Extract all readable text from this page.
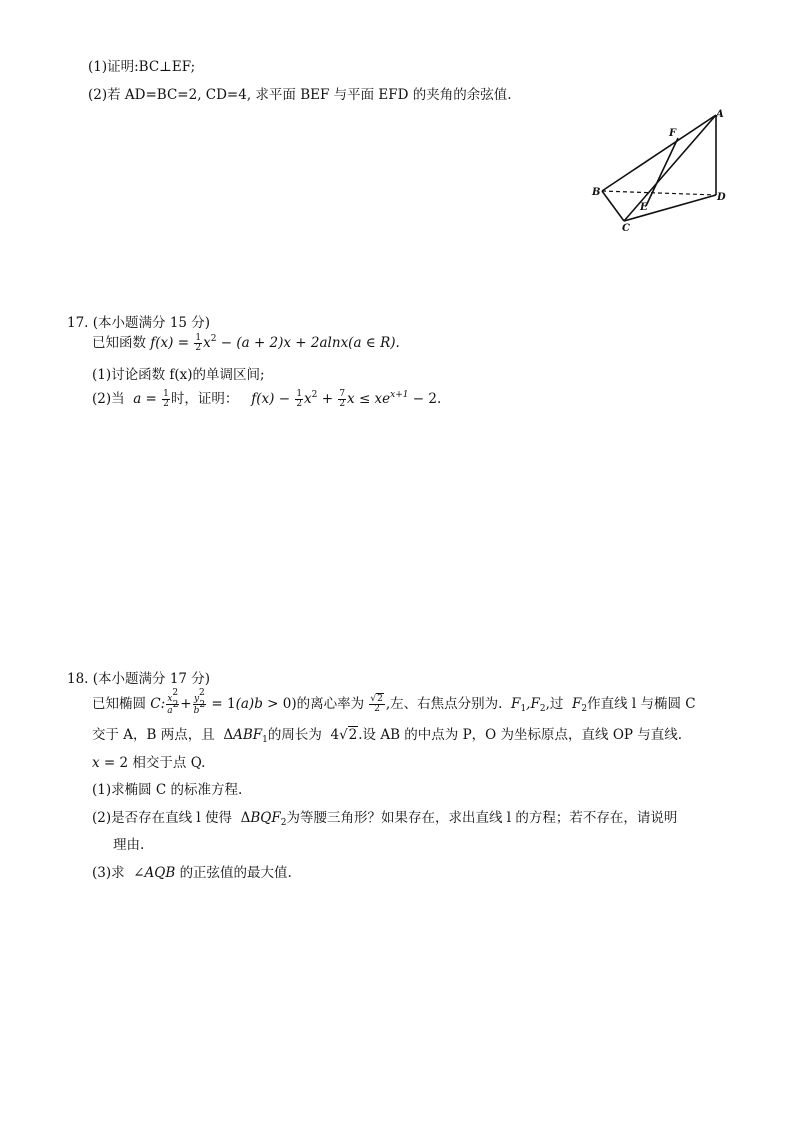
(1)证明:BC⊥EF;
(2)若 AD=BC=2, CD=4, 求平面 BEF 与平面 EFD 的夹角的余弦值.
A
F
B	D
E
C
17. (本小题满分 15 分)
已知函数 $f(x) = \frac{1}{2} x^2 - (a + 2)x + 2alnx(a$ ∈ R).
(1)讨论函数 f(x)的单调区间;
(2)当  $a = \frac{1}{2}$ 时，证明：   $f(x) - \frac{1}{2} x^2 + \frac{7}{2}$ $x \le xe^{x+1} - 2$.
18. (本小题满分 17 分)
已知椭圆 C: $\frac{x^2}{a^2} + \frac{y^2}{b^2} = 1(a)b > 0$)的离心率为 $\frac{√2}{2}$ ,左、右焦点分别为.  $F_1,F_2$,过  $F_2$作直线 l 与椭圆 C
交于 A，B 两点，且 $\Delta ABF_1$的周长为  4√2.设 AB 的中点为 P，O 为坐标原点，直线 OP 与直线.
x = 2 相交于点 Q.
(1)求椭圆 C 的标准方程.
(2)是否存在直线 l 使得 $\Delta BQF_2$为等腰三角形？如果存在，求出直线 l 的方程；若不存在，请说明
理由.
(3)求 ∠AQB 的正弦值的最大值.
